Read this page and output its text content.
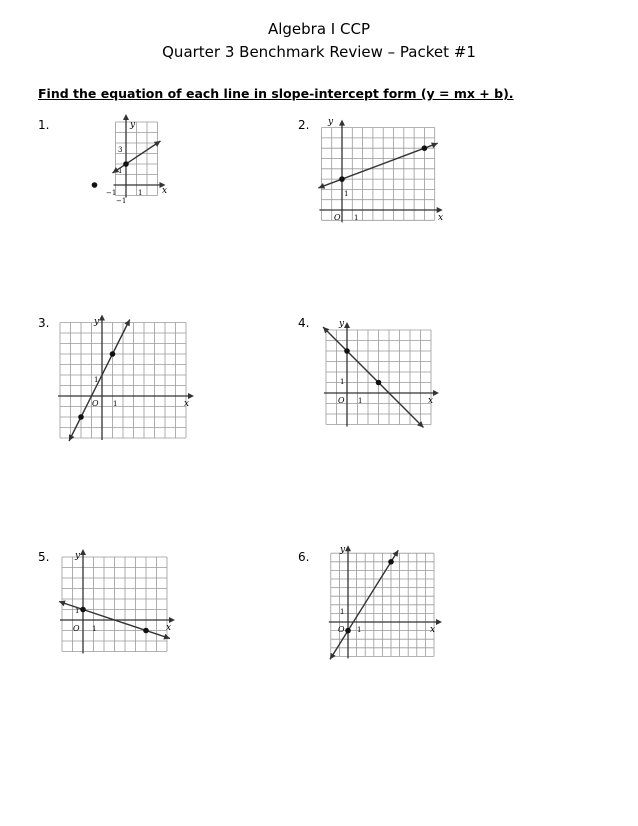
Algebra I CCP
Quarter 3 Benchmark Review – Packet #1
Find the equation of each line in slope-intercept form (y = mx + b).
1.	y
x
3
1
−1	1
−1
2. y
x
1
O 1
3.	y
x
1
O 1
4.	y
x
1
O 1
5.	y
x
1
O 1
6.	y
x
1
O 1
